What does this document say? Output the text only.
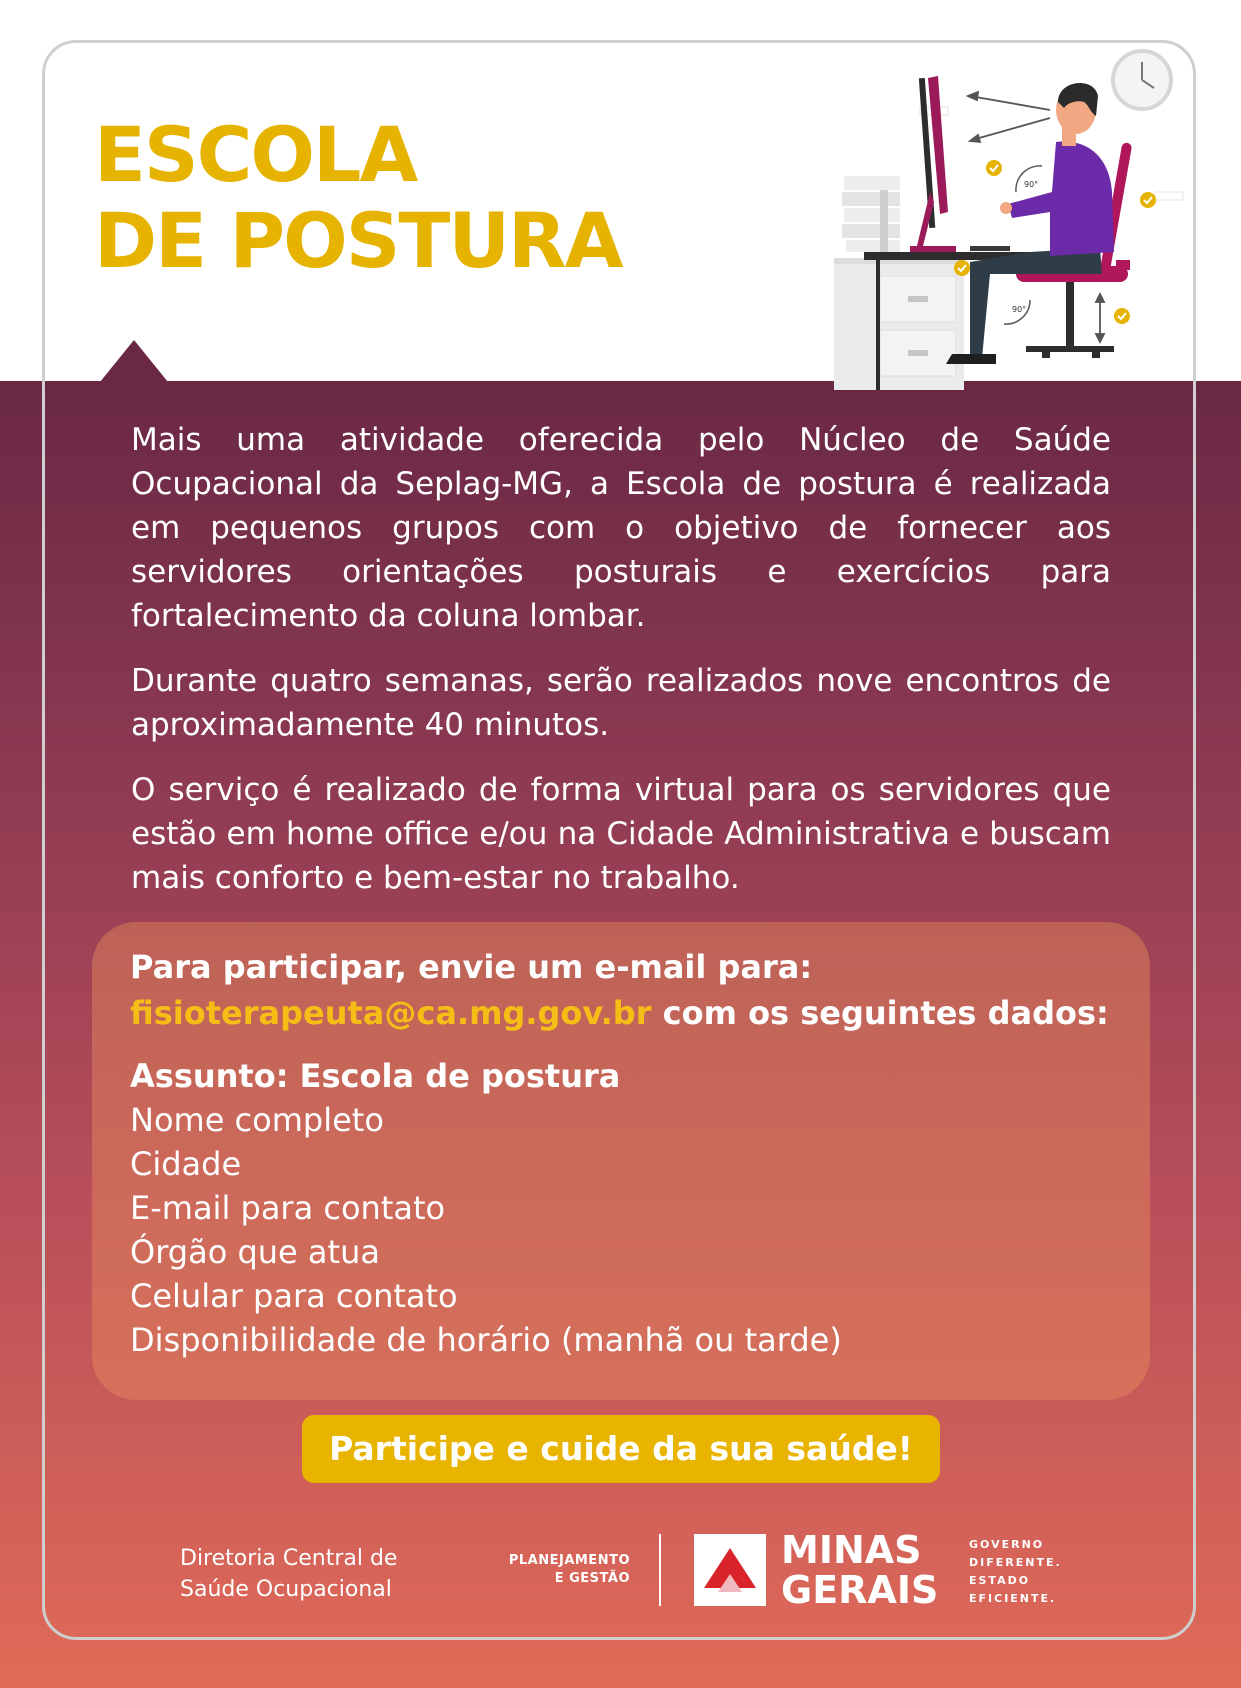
ESCOLA
DE POSTURA
90°
90°

Mais uma atividade oferecida pelo Núcleo de Saúde Ocupacional da Seplag-MG, a Escola de postura é realizada em pequenos grupos com o objetivo de fornecer aos servidores orientações posturais e exercícios para fortalecimento da coluna lombar.

Durante quatro semanas, serão realizados nove encontros de aproximadamente 40 minutos.

O serviço é realizado de forma virtual para os servidores que estão em home office e/ou na Cidade Administrativa e buscam mais conforto e bem-estar no trabalho.

Para participar, envie um e-mail para:
fisioterapeuta@ca.mg.gov.br com os seguintes dados:
Assunto: Escola de postura
Nome completo
Cidade
E-mail para contato
Órgão que atua
Celular para contato
Disponibilidade de horário (manhã ou tarde)
Participe e cuide da sua saúde!
Diretoria Central de
Saúde Ocupacional
PLANEJAMENTO
E GESTÃO
MINAS
GERAIS
GOVERNO
DIFERENTE.
ESTADO
EFICIENTE.
